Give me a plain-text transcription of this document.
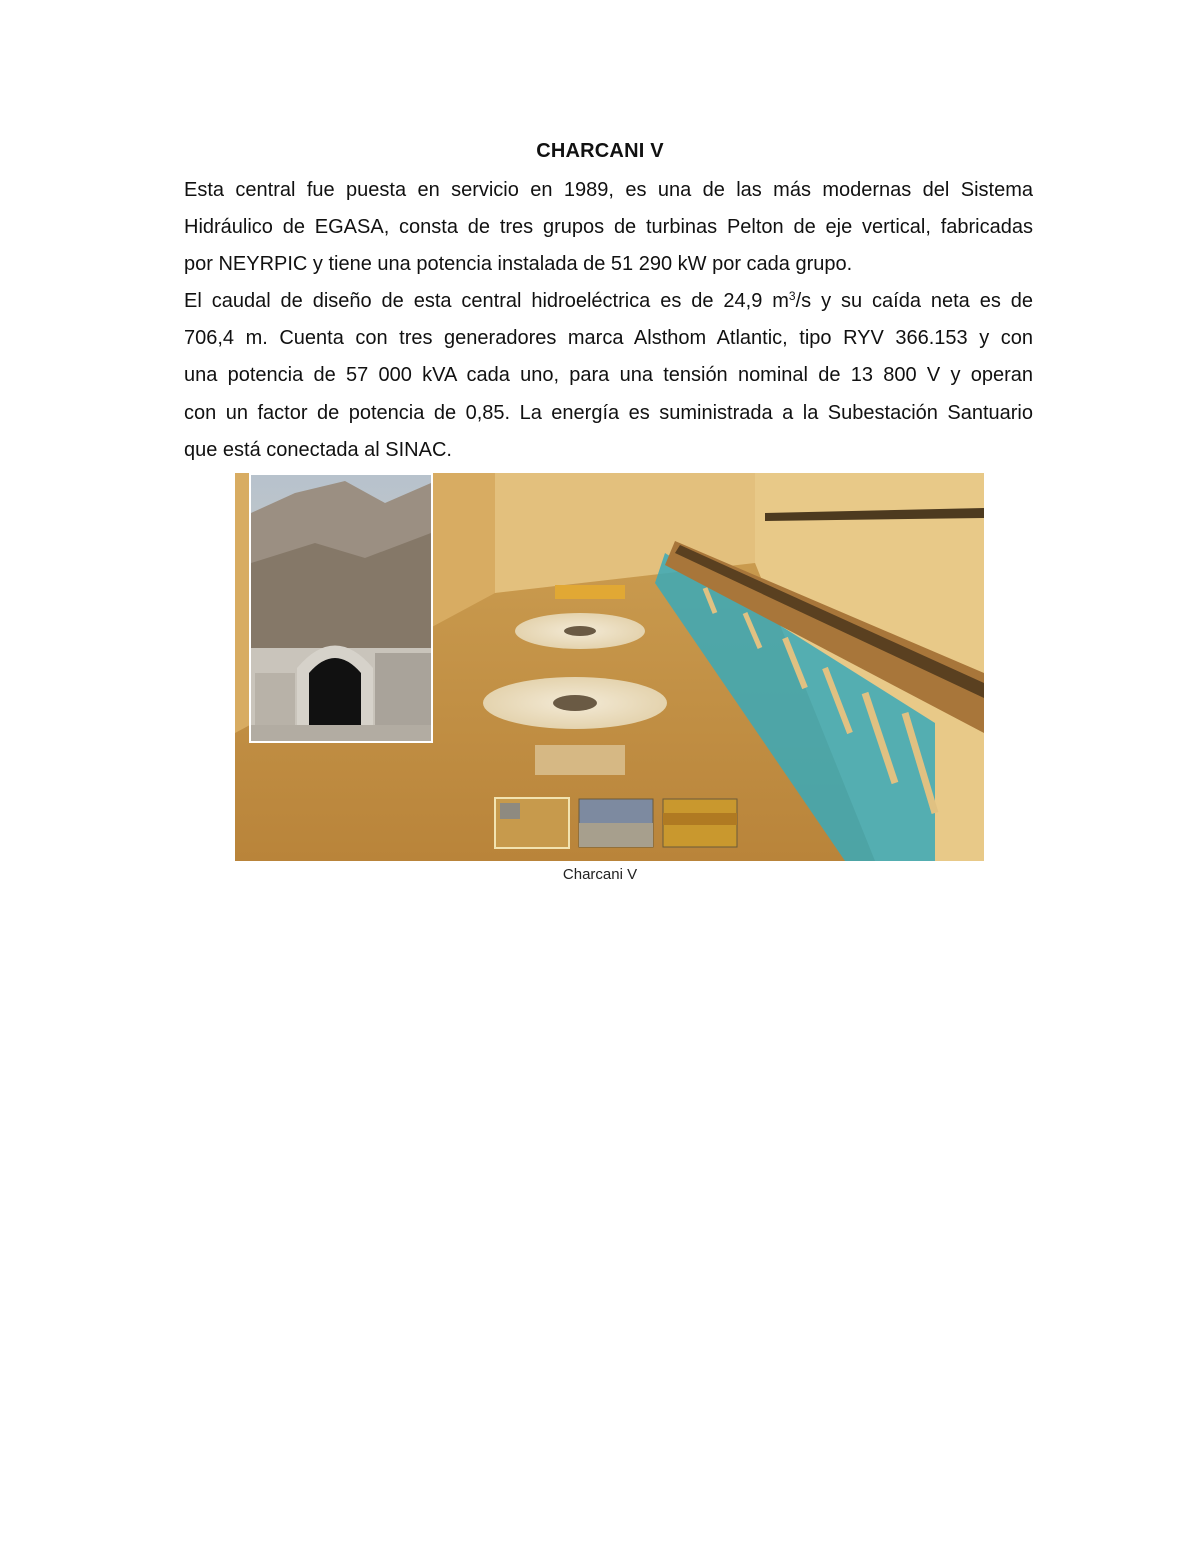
CHARCANI V
Esta central fue puesta en servicio en 1989, es una de las más modernas del Sistema
Hidráulico de EGASA, consta de tres grupos de turbinas Pelton de eje vertical, fabricadas
por NEYRPIC y tiene una potencia instalada de 51 290 kW por cada grupo.
El caudal de diseño de esta central hidroeléctrica es de 24,9 $m^3/s$ y su caída neta es de
706,4 m. Cuenta con tres generadores marca Alsthom Atlantic, tipo RYV 366.153 y con
una potencia de 57 000 kVA cada uno, para una tensión nominal de 13 800 V y operan
con un factor de potencia de 0,85. La energía es suministrada a la Subestación Santuario
que está conectada al SINAC.
Charcani V
